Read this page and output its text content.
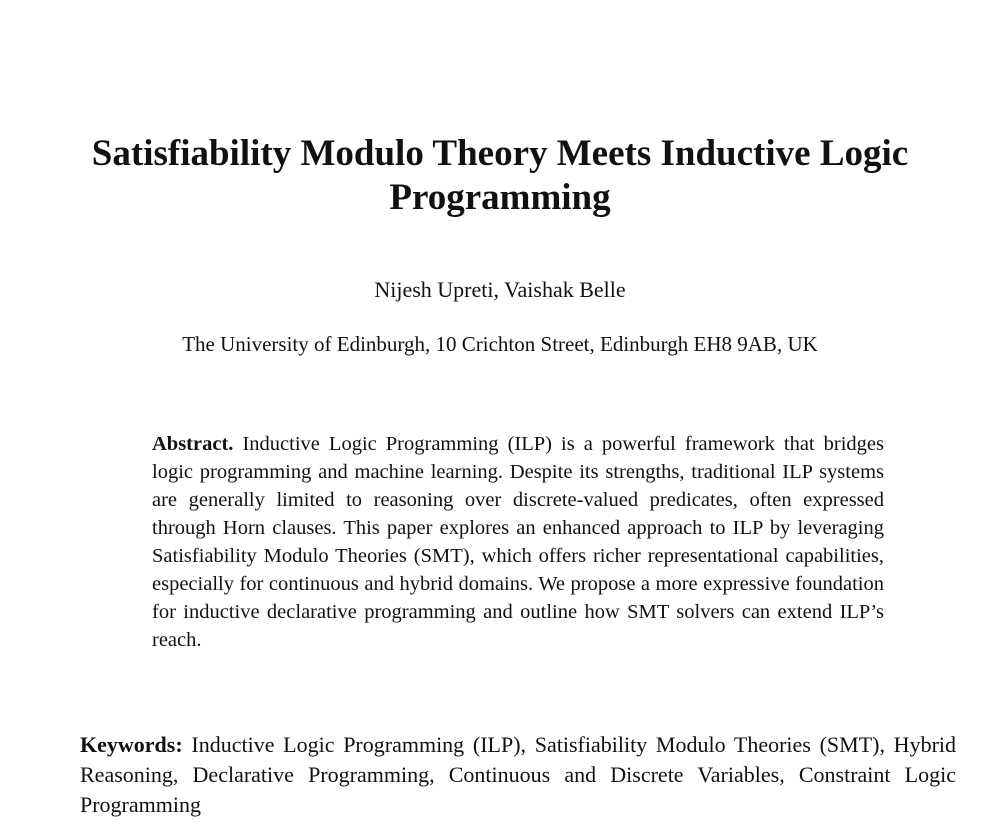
Satisfiability Modulo Theory Meets Inductive Logic Programming
Nijesh Upreti, Vaishak Belle
The University of Edinburgh, 10 Crichton Street, Edinburgh EH8 9AB, UK
Abstract. Inductive Logic Programming (ILP) is a powerful framework that bridges logic programming and machine learning. Despite its strengths, traditional ILP systems are generally limited to reasoning over discrete-valued predicates, often expressed through Horn clauses. This paper explores an enhanced approach to ILP by leveraging Satisfiability Modulo Theories (SMT), which offers richer representational capabilities, especially for continuous and hybrid domains. We propose a more expressive foundation for inductive declarative programming and outline how SMT solvers can extend ILP’s reach.
Keywords: Inductive Logic Programming (ILP), Satisfiability Modulo Theories (SMT), Hybrid Reasoning, Declarative Programming, Continuous and Discrete Variables, Constraint Logic Programming
